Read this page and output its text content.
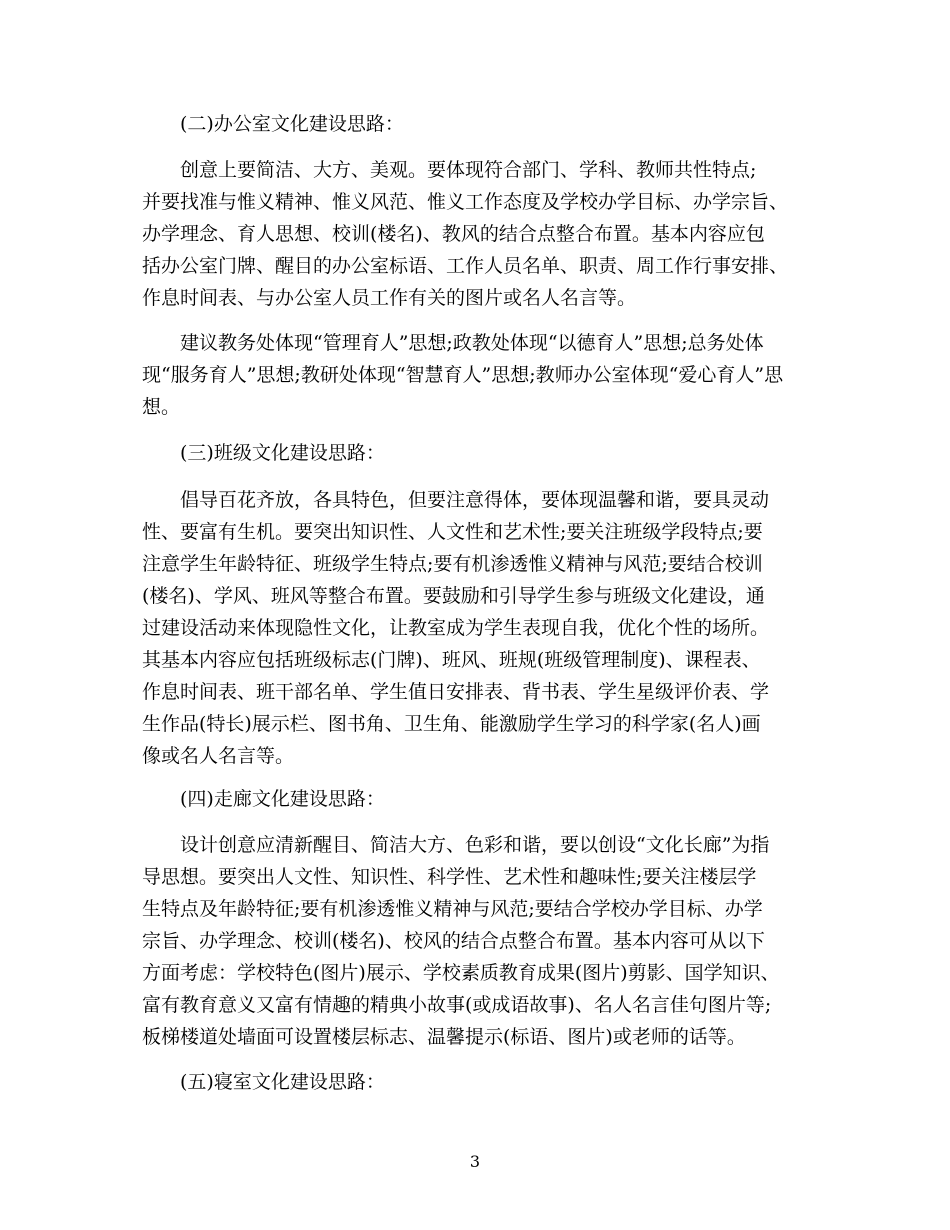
(二)办公室文化建设思路：

创意上要简洁、大方、美观。要体现符合部门、学科、教师共性特点;
并要找准与惟义精神、惟义风范、惟义工作态度及学校办学目标、办学宗旨、
办学理念、育人思想、校训(楼名)、教风的结合点整合布置。基本内容应包
括办公室门牌、醒目的办公室标语、工作人员名单、职责、周工作行事安排、
作息时间表、与办公室人员工作有关的图片或名人名言等。

建议教务处体现“管理育人”思想;政教处体现“以德育人”思想;总务处体
现“服务育人”思想;教研处体现“智慧育人”思想;教师办公室体现“爱心育人”思
想。

(三)班级文化建设思路：

倡导百花齐放，各具特色，但要注意得体，要体现温馨和谐，要具灵动
性、要富有生机。要突出知识性、人文性和艺术性;要关注班级学段特点;要
注意学生年龄特征、班级学生特点;要有机渗透惟义精神与风范;要结合校训
(楼名)、学风、班风等整合布置。要鼓励和引导学生参与班级文化建设，通
过建设活动来体现隐性文化，让教室成为学生表现自我，优化个性的场所。
其基本内容应包括班级标志(门牌)、班风、班规(班级管理制度)、课程表、
作息时间表、班干部名单、学生值日安排表、背书表、学生星级评价表、学
生作品(特长)展示栏、图书角、卫生角、能激励学生学习的科学家(名人)画
像或名人名言等。

(四)走廊文化建设思路：

设计创意应清新醒目、简洁大方、色彩和谐，要以创设“文化长廊”为指
导思想。要突出人文性、知识性、科学性、艺术性和趣味性;要关注楼层学
生特点及年龄特征;要有机渗透惟义精神与风范;要结合学校办学目标、办学
宗旨、办学理念、校训(楼名)、校风的结合点整合布置。基本内容可从以下
方面考虑：学校特色(图片)展示、学校素质教育成果(图片)剪影、国学知识、
富有教育意义又富有情趣的精典小故事(或成语故事)、名人名言佳句图片等;
板梯楼道处墙面可设置楼层标志、温馨提示(标语、图片)或老师的话等。

(五)寝室文化建设思路：

3
